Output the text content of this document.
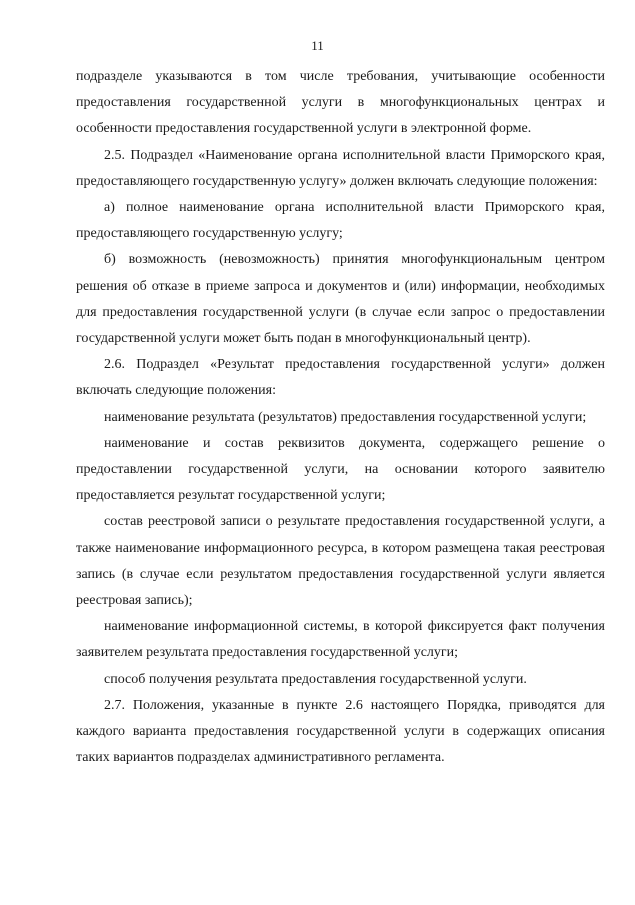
11

подразделе указываются в том числе требования, учитывающие особенности предоставления государственной услуги в многофункциональных центрах и особенности предоставления государственной услуги в электронной форме.

2.5. Подраздел «Наименование органа исполнительной власти Приморского края, предоставляющего государственную услугу» должен включать следующие положения:

а) полное наименование органа исполнительной власти Приморского края, предоставляющего государственную услугу;

б) возможность (невозможность) принятия многофункциональным центром решения об отказе в приеме запроса и документов и (или) информации, необходимых для предоставления государственной услуги (в случае если запрос о предоставлении государственной услуги может быть подан в многофункциональный центр).

2.6. Подраздел «Результат предоставления государственной услуги» должен включать следующие положения:

наименование результата (результатов) предоставления государственной услуги;

наименование и состав реквизитов документа, содержащего решение о предоставлении государственной услуги, на основании которого заявителю предоставляется результат государственной услуги;

состав реестровой записи о результате предоставления государственной услуги, а также наименование информационного ресурса, в котором размещена такая реестровая запись (в случае если результатом предоставления государственной услуги является реестровая запись);

наименование информационной системы, в которой фиксируется факт получения заявителем результата предоставления государственной услуги;

способ получения результата предоставления государственной услуги.

2.7. Положения, указанные в пункте 2.6 настоящего Порядка, приводятся для каждого варианта предоставления государственной услуги в содержащих описания таких вариантов подразделах административного регламента.
